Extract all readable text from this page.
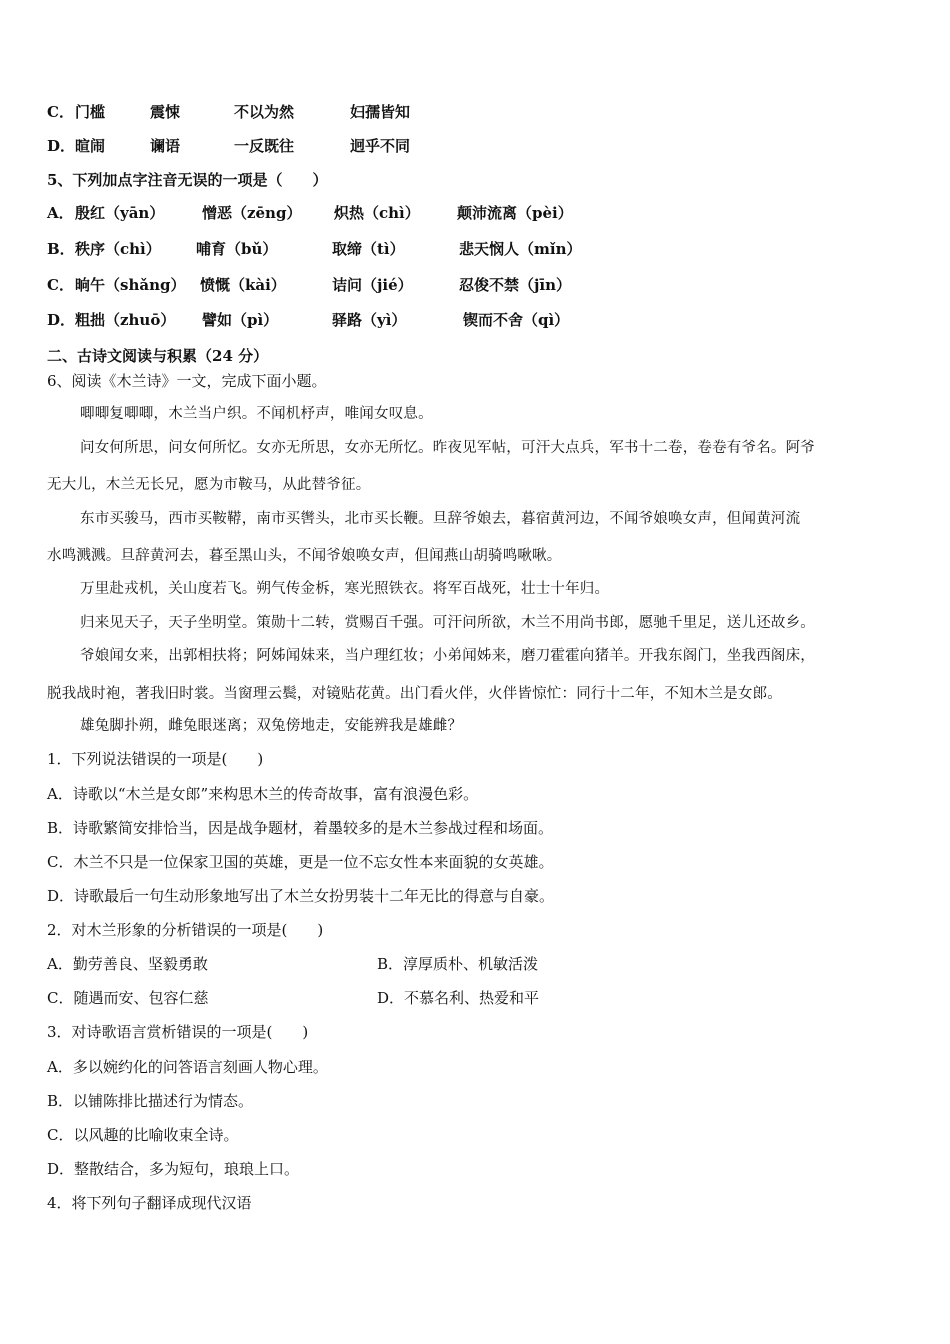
C． 门槛	震悚	不以为然	妇孺皆知
D． 暄闹	谰语	一反既往	迥乎不同
5、下列加点字注音无误的一项是（　　）
A． 殷红（yān）	憎恶（zēng） 炽热（chì） 颠沛流离（pèi）
B． 秩序（chì） 哺育（bǔ）	取缔（tì）	悲天悯人（mǐn）
C． 晌午（shǎng） 愤慨（kài）	诘问（jié）	忍俊不禁（jīn）
D． 粗拙（zhuō） 譬如（pì）	驿路（yì）	锲而不舍（qì）
二、古诗文阅读与积累（24 分）
6、阅读《木兰诗》一文，完成下面小题。
唧唧复唧唧，木兰当户织。不闻机杼声，唯闻女叹息。
问女何所思，问女何所忆。女亦无所思，女亦无所忆。昨夜见军帖，可汗大点兵，军书十二卷，卷卷有爷名。阿爷
无大儿，木兰无长兄，愿为市鞍马，从此替爷征。
东市买骏马，西市买鞍鞯，南市买辔头，北市买长鞭。旦辞爷娘去，暮宿黄河边，不闻爷娘唤女声，但闻黄河流
水鸣溅溅。旦辞黄河去，暮至黑山头，不闻爷娘唤女声，但闻燕山胡骑鸣啾啾。
万里赴戎机，关山度若飞。朔气传金柝，寒光照铁衣。将军百战死，壮士十年归。
归来见天子，天子坐明堂。策勋十二转，赏赐百千强。可汗问所欲，木兰不用尚书郎，愿驰千里足，送儿还故乡。
爷娘闻女来，出郭相扶将；阿姊闻妹来，当户理红妆；小弟闻姊来，磨刀霍霍向猪羊。开我东阁门，坐我西阁床，
脱我战时袍，著我旧时裳。当窗理云鬓，对镜贴花黄。出门看火伴，火伴皆惊忙：同行十二年，不知木兰是女郎。
雄兔脚扑朔，雌兔眼迷离；双兔傍地走，安能辨我是雄雌？
1．下列说法错误的一项是(　　)
A．诗歌以“木兰是女郎”来构思木兰的传奇故事，富有浪漫色彩。
B．诗歌繁简安排恰当，因是战争题材，着墨较多的是木兰参战过程和场面。
C．木兰不只是一位保家卫国的英雄，更是一位不忘女性本来面貌的女英雄。
D．诗歌最后一句生动形象地写出了木兰女扮男装十二年无比的得意与自豪。
2．对木兰形象的分析错误的一项是(　　)
A．勤劳善良、坚毅勇敢	B．淳厚质朴、机敏活泼
C．随遇而安、包容仁慈	D．不慕名利、热爱和平
3．对诗歌语言赏析错误的一项是(　　)
A．多以婉约化的问答语言刻画人物心理。
B．以铺陈排比描述行为情态。
C．以风趣的比喻收束全诗。
D．整散结合，多为短句，琅琅上口。
4．将下列句子翻译成现代汉语
